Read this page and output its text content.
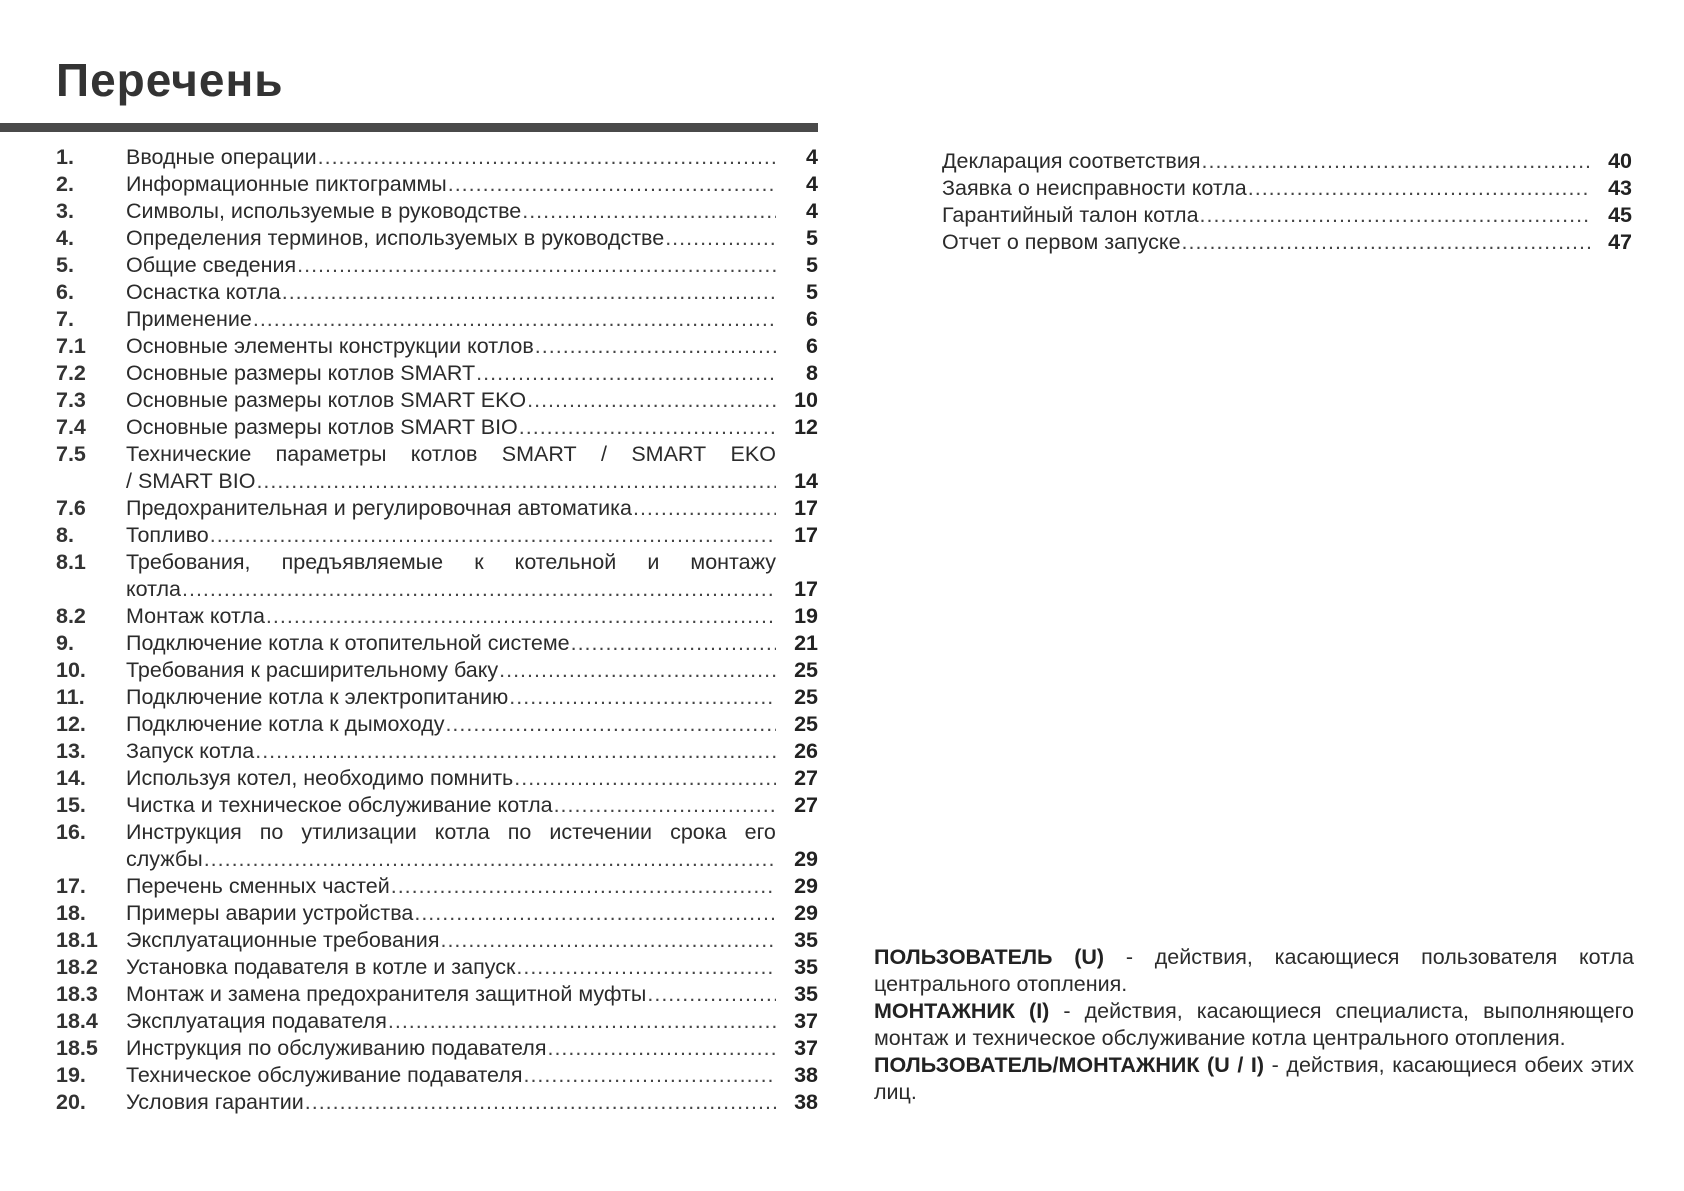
Перечень
1.	Вводные операции .....	4
2.	Информационные пиктограммы .....	4
3.	Символы, используемые в руководстве .....	4
4.	Определения терминов, используемых в руководстве .....	5
5.	Общие сведения .....	5
6.	Оснастка котла .....	5
7.	Применение .....	6
7.1	Основные элементы конструкции котлов .....	6
7.2	Основные размеры котлов SMART .....	8
7.3	Основные размеры котлов SMART EKO .....	10
7.4	Основные размеры котлов SMART BIO .....	12
7.5	Технические параметры котлов SMART / SMART EKO
/ SMART BIO .....	14
7.6	Предохранительная и регулировочная автоматика .....	17
8.	Топливо .....	17
8.1	Требования, предъявляемые к котельной и монтажу
котла .....	17
8.2	Монтаж котла .....	19
9.	Подключение котла к отопительной системе .....	21
10.	Требования к расширительному баку .....	25
11.	Подключение котла к электропитанию .....	25
12.	Подключение котла к дымоходу .....	25
13.	Запуск котла .....	26
14.	Используя котел, необходимо помнить .....	27
15.	Чистка и техническое обслуживание котла .....	27
16.	Инструкция по утилизации котла по истечении срока его
службы .....	29
17.	Перечень сменных частей .....	29
18.	Примеры аварии устройства .....	29
18.1	Эксплуатационные требования .....	35
18.2	Установка подавателя в котле и запуск .....	35
18.3	Монтаж и замена предохранителя защитной муфты .....	35
18.4	Эксплуатация подавателя .....	37
18.5	Инструкция по обслуживанию подавателя .....	37
19.	Техническое обслуживание подавателя .....	38
20.	Условия гарантии .....	38
Декларация соответствия .....	40
Заявка о неисправности котла .....	43
Гарантийный талон котла .....	45
Отчет о первом запуске .....	47

ПОЛЬЗОВАТЕЛЬ (U) - действия, касающиеся пользователя котла центрального отопления.

МОНТАЖНИК (I) - действия, касающиеся специалиста, выполняющего монтаж и техническое обслуживание котла центрального отопления.

ПОЛЬЗОВАТЕЛЬ/МОНТАЖНИК (U / I) - действия, касающиеся обеих этих лиц.
